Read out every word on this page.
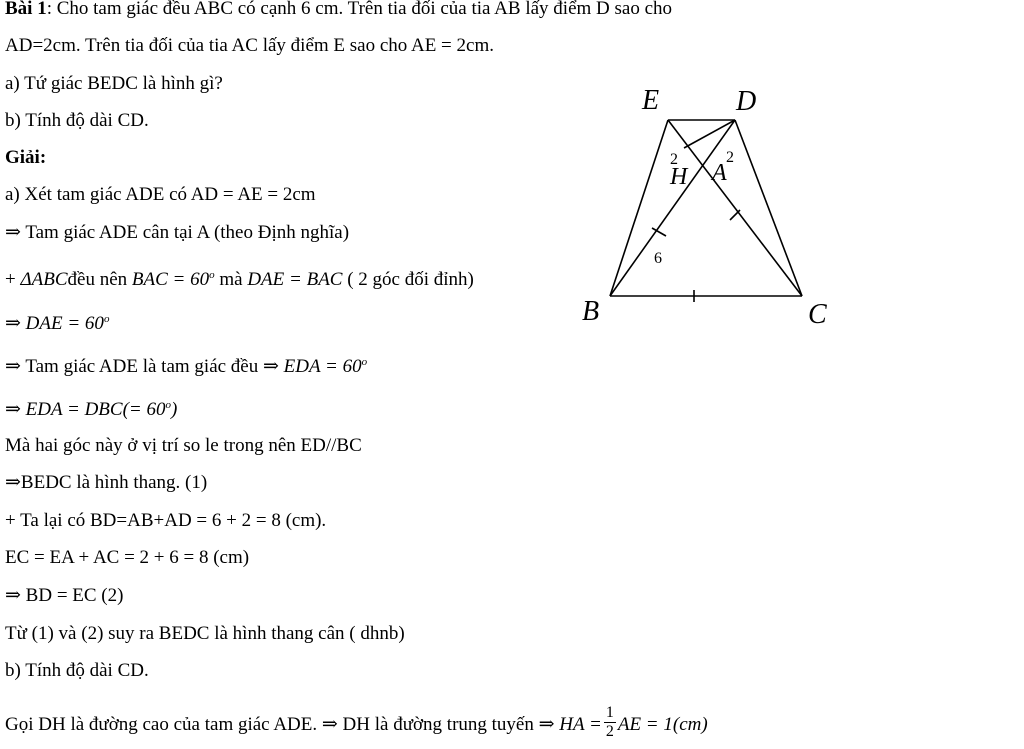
Bài 1: Cho tam giác đều ABC có cạnh 6 cm. Trên tia đối của tia AB lấy điểm D sao cho
AD=2cm. Trên tia đối của tia AC lấy điểm E sao cho AE = 2cm.
a) Tứ giác BEDC là hình gì?
b) Tính độ dài CD.
Giải:
a) Xét tam giác ADE có AD = AE = 2cm
⇒ Tam giác ADE cân tại A (theo Định nghĩa)
+ ΔABCđều nên BAC = $60^o$ mà DAE = BAC ( 2 góc đối đỉnh)
⇒ DAE = $60^o$
⇒ Tam giác ADE là tam giác đều ⇒ EDA = $60^o$
⇒ EDA = $DBC(= 60^o)$
Mà hai góc này ở vị trí so le trong nên ED//BC
⇒BEDC là hình thang. (1)
+ Ta lại có BD=AB+AD = 6 + 2 = 8 (cm).
EC = EA + AC = 2 + 6 = 8 (cm)
⇒ BD = EC (2)
Từ (1) và (2) suy ra BEDC là hình thang cân ( dhnb)
b) Tính độ dài CD.
Gọi DH là đường cao của tam giác ADE. ⇒ DH là đường trung tuyến ⇒ HA = $\frac{1}{2}$ AE = 1(cm)
E	D
H A
B	C
2	2
6
